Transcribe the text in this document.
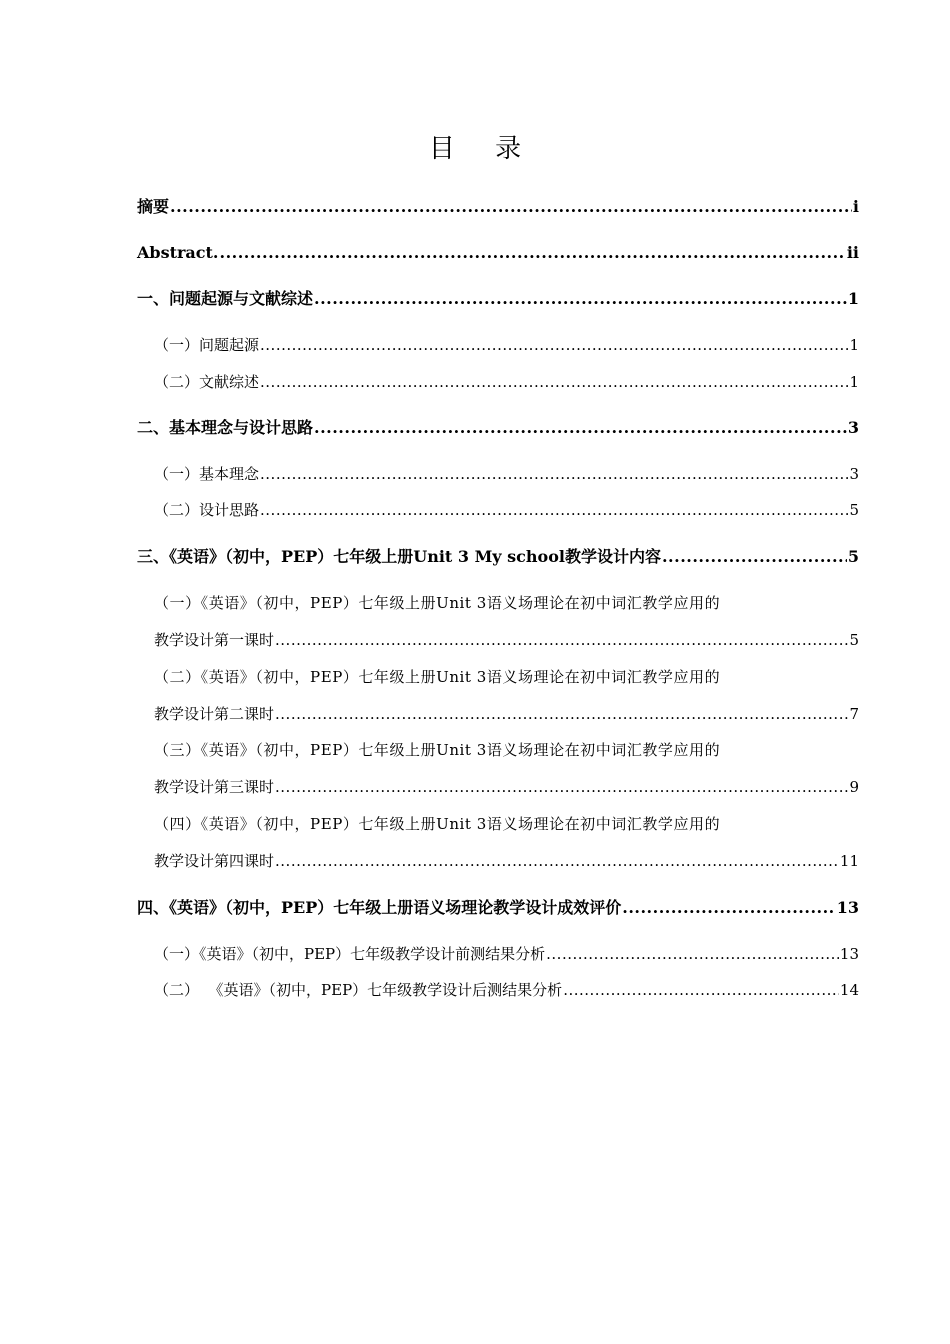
目 录
摘要 .....	i
Abstract. .....	ii
一、问题起源与文献综述 .....	1
（一）问题起源 .....	1
（二）文献综述 .....	1
二、基本理念与设计思路 .....	3
（一）基本理念 .....	3
（二）设计思路 .....	5
三、《英语》（初中，PEP）七年级上册Unit 3 My school教学设计内容 .....	5
（一）《英语》（初中，PEP）七年级上册Unit 3语义场理论在初中词汇教学应用的
教学设计第一课时 .....	5
（二）《英语》（初中，PEP）七年级上册Unit 3语义场理论在初中词汇教学应用的
教学设计第二课时 .....	7
（三）《英语》（初中，PEP）七年级上册Unit 3语义场理论在初中词汇教学应用的
教学设计第三课时 .....	9
（四）《英语》（初中，PEP）七年级上册Unit 3语义场理论在初中词汇教学应用的
教学设计第四课时 .....	11
四、《英语》（初中，PEP）七年级上册语义场理论教学设计成效评价 .....	13
（一）《英语》（初中，PEP）七年级教学设计前测结果分析 .....	13
（二）  《英语》（初中，PEP）七年级教学设计后测结果分析 .....	14
